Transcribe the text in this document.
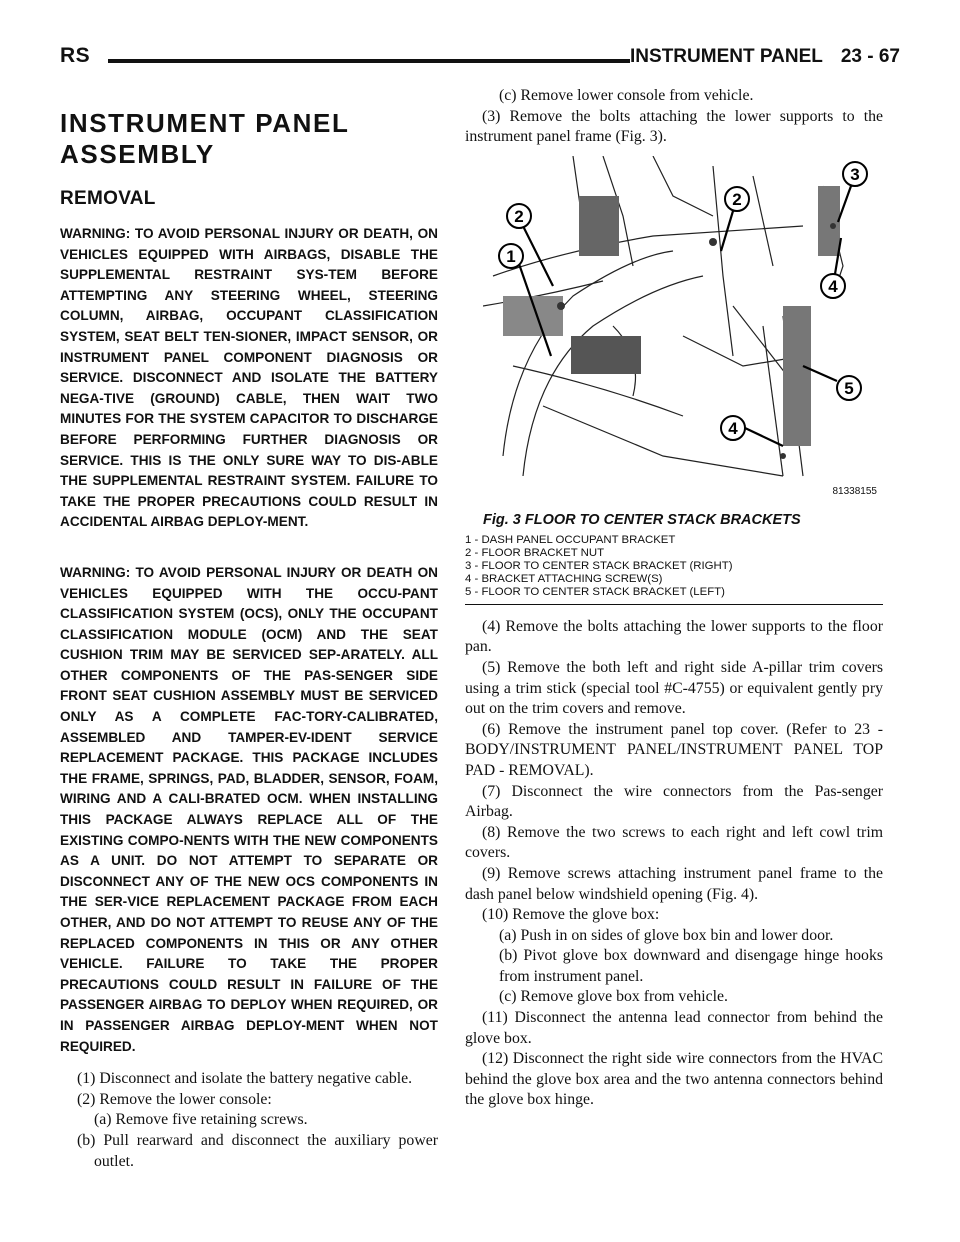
RS	INSTRUMENT PANEL 23 - 67
INSTRUMENT PANEL ASSEMBLY
REMOVAL
WARNING: TO AVOID PERSONAL INJURY OR DEATH, ON VEHICLES EQUIPPED WITH AIRBAGS, DISABLE THE SUPPLEMENTAL RESTRAINT SYS-TEM BEFORE ATTEMPTING ANY STEERING WHEEL, STEERING COLUMN, AIRBAG, OCCUPANT CLASSIFICATION SYSTEM, SEAT BELT TEN-SIONER, IMPACT SENSOR, OR INSTRUMENT PANEL COMPONENT DIAGNOSIS OR SERVICE. DISCONNECT AND ISOLATE THE BATTERY NEGA-TIVE (GROUND) CABLE, THEN WAIT TWO MINUTES FOR THE SYSTEM CAPACITOR TO DISCHARGE BEFORE PERFORMING FURTHER DIAGNOSIS OR SERVICE. THIS IS THE ONLY SURE WAY TO DIS-ABLE THE SUPPLEMENTAL RESTRAINT SYSTEM. FAILURE TO TAKE THE PROPER PRECAUTIONS COULD RESULT IN ACCIDENTAL AIRBAG DEPLOY-MENT.
WARNING: TO AVOID PERSONAL INJURY OR DEATH ON VEHICLES EQUIPPED WITH THE OCCU-PANT CLASSIFICATION SYSTEM (OCS), ONLY THE OCCUPANT CLASSIFICATION MODULE (OCM) AND THE SEAT CUSHION TRIM MAY BE SERVICED SEP-ARATELY. ALL OTHER COMPONENTS OF THE PAS-SENGER SIDE FRONT SEAT CUSHION ASSEMBLY MUST BE SERVICED ONLY AS A COMPLETE FAC-TORY-CALIBRATED, ASSEMBLED AND TAMPER-EV-IDENT SERVICE REPLACEMENT PACKAGE. THIS PACKAGE INCLUDES THE FRAME, SPRINGS, PAD, BLADDER, SENSOR, FOAM, WIRING AND A CALI-BRATED OCM. WHEN INSTALLING THIS PACKAGE ALWAYS REPLACE ALL OF THE EXISTING COMPO-NENTS WITH THE NEW COMPONENTS AS A UNIT. DO NOT ATTEMPT TO SEPARATE OR DISCONNECT ANY OF THE NEW OCS COMPONENTS IN THE SER-VICE REPLACEMENT PACKAGE FROM EACH OTHER, AND DO NOT ATTEMPT TO REUSE ANY OF THE REPLACED COMPONENTS IN THIS OR ANY OTHER VEHICLE. FAILURE TO TAKE THE PROPER PRECAUTIONS COULD RESULT IN FAILURE OF THE PASSENGER AIRBAG TO DEPLOY WHEN REQUIRED, OR IN PASSENGER AIRBAG DEPLOY-MENT WHEN NOT REQUIRED.

(1) Disconnect and isolate the battery negative cable.

(2) Remove the lower console:

(a) Remove five retaining screws.

(b) Pull rearward and disconnect the auxiliary power outlet.

(c) Remove lower console from vehicle.

(3) Remove the bolts attaching the lower supports to the instrument panel frame (Fig. 3).

1
2
2
3
4
4
5
81338155
Fig. 3 FLOOR TO CENTER STACK BRACKETS
1 - DASH PANEL OCCUPANT BRACKET
2 - FLOOR BRACKET NUT
3 - FLOOR TO CENTER STACK BRACKET (RIGHT)
4 - BRACKET ATTACHING SCREW(S)
5 - FLOOR TO CENTER STACK BRACKET (LEFT)

(4) Remove the bolts attaching the lower supports to the floor pan.

(5) Remove the both left and right side A-pillar trim covers using a trim stick (special tool #C-4755) or equivalent gently pry out on the trim covers and remove.

(6) Remove the instrument panel top cover. (Refer to 23 - BODY/INSTRUMENT PANEL/INSTRUMENT PANEL TOP PAD - REMOVAL).

(7) Disconnect the wire connectors from the Pas-senger Airbag.

(8) Remove the two screws to each right and left cowl trim covers.

(9) Remove screws attaching instrument panel frame to the dash panel below windshield opening (Fig. 4).

(10) Remove the glove box:

(a) Push in on sides of glove box bin and lower door.

(b) Pivot glove box downward and disengage hinge hooks from instrument panel.

(c) Remove glove box from vehicle.

(11) Disconnect the antenna lead connector from behind the glove box.

(12) Disconnect the right side wire connectors from the HVAC behind the glove box area and the two antenna connectors behind the glove box hinge.
